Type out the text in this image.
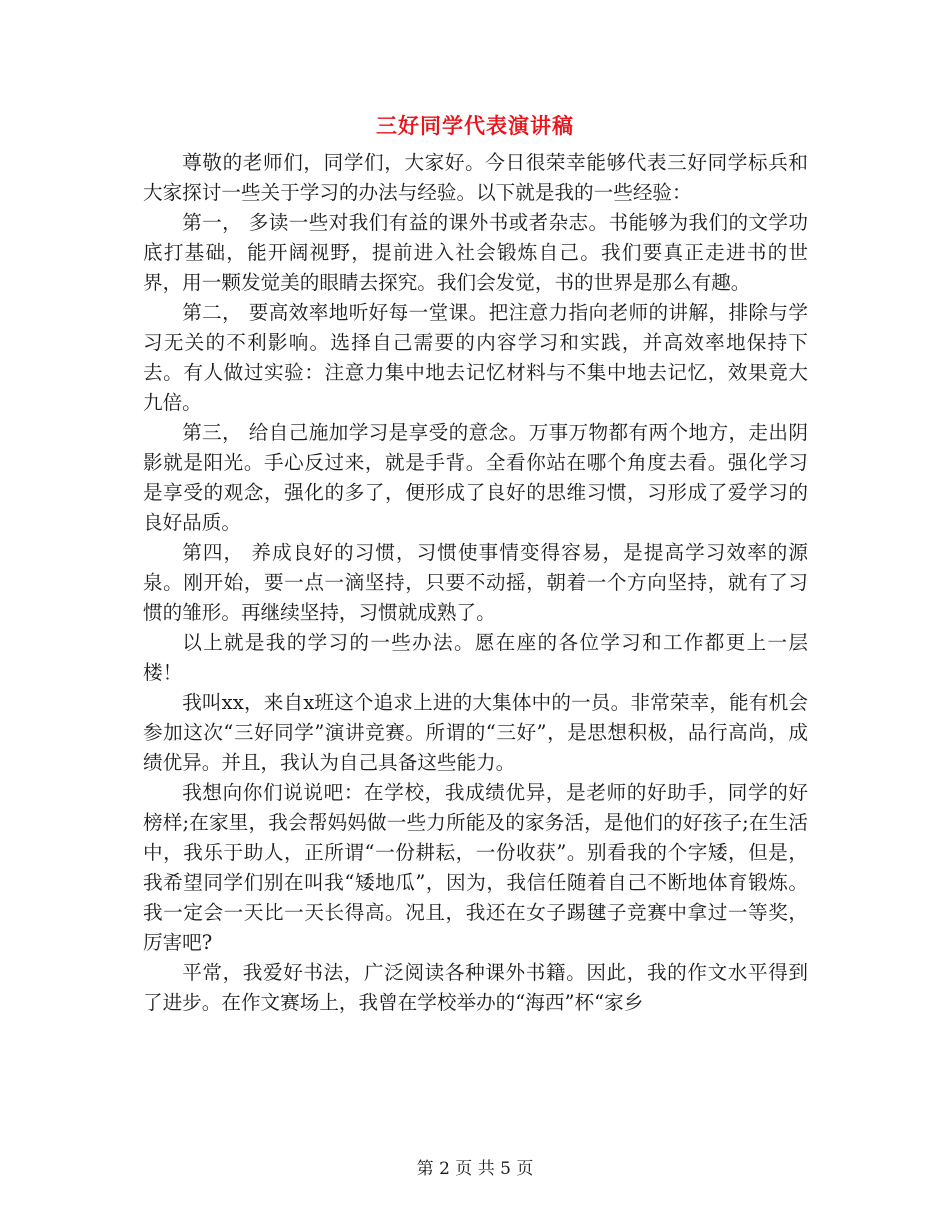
三好同学代表演讲稿

尊敬的老师们，同学们，大家好。今日很荣幸能够代表三好同学标兵和大家探讨一些关于学习的办法与经验。以下就是我的一些经验：

第一， 多读一些对我们有益的课外书或者杂志。书能够为我们的文学功底打基础，能开阔视野，提前进入社会锻炼自己。我们要真正走进书的世界，用一颗发觉美的眼睛去探究。我们会发觉，书的世界是那么有趣。

第二， 要高效率地听好每一堂课。把注意力指向老师的讲解，排除与学习无关的不利影响。选择自己需要的内容学习和实践，并高效率地保持下去。有人做过实验：注意力集中地去记忆材料与不集中地去记忆，效果竟大九倍。

第三， 给自己施加学习是享受的意念。万事万物都有两个地方，走出阴影就是阳光。手心反过来，就是手背。全看你站在哪个角度去看。强化学习是享受的观念，强化的多了，便形成了良好的思维习惯，习形成了爱学习的良好品质。

第四， 养成良好的习惯，习惯使事情变得容易，是提高学习效率的源泉。刚开始，要一点一滴坚持，只要不动摇，朝着一个方向坚持，就有了习惯的雏形。再继续坚持，习惯就成熟了。

以上就是我的学习的一些办法。愿在座的各位学习和工作都更上一层楼！

我叫xx，来自x班这个追求上进的大集体中的一员。非常荣幸，能有机会参加这次“三好同学”演讲竞赛。所谓的“三好”，是思想积极，品行高尚，成绩优异。并且，我认为自己具备这些能力。

我想向你们说说吧：在学校，我成绩优异，是老师的好助手，同学的好榜样;在家里，我会帮妈妈做一些力所能及的家务活，是他们的好孩子;在生活中，我乐于助人，正所谓“一份耕耘，一份收获”。别看我的个字矮，但是，我希望同学们别在叫我“矮地瓜”，因为，我信任随着自己不断地体育锻炼。我一定会一天比一天长得高。况且，我还在女子踢毽子竞赛中拿过一等奖，厉害吧?

平常，我爱好书法，广泛阅读各种课外书籍。因此，我的作文水平得到了进步。在作文赛场上，我曾在学校举办的“海西”杯“家乡

第 2 页 共 5 页
